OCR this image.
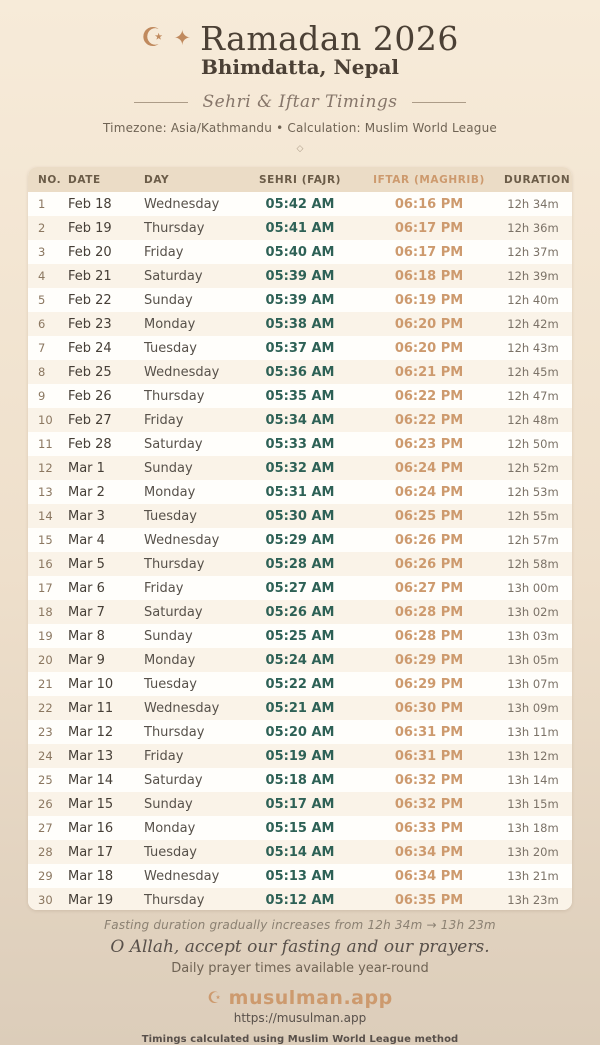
☪ ✦ Ramadan 2026
Bhimdatta, Nepal
Sehri & Iftar Timings
Timezone: Asia/Kathmandu • Calculation: Muslim World League
◇
NO. DATE	DAY	SEHRI (FAJR)	IFTAR (MAGHRIB)	DURATION
1	Feb 18	Wednesday	05:42 AM	06:16 PM	12h 34m
2	Feb 19	Thursday	05:41 AM	06:17 PM	12h 36m
3	Feb 20	Friday	05:40 AM	06:17 PM	12h 37m
4	Feb 21	Saturday	05:39 AM	06:18 PM	12h 39m
5	Feb 22	Sunday	05:39 AM	06:19 PM	12h 40m
6	Feb 23	Monday	05:38 AM	06:20 PM	12h 42m
7	Feb 24	Tuesday	05:37 AM	06:20 PM	12h 43m
8	Feb 25	Wednesday	05:36 AM	06:21 PM	12h 45m
9	Feb 26	Thursday	05:35 AM	06:22 PM	12h 47m
10	Feb 27	Friday	05:34 AM	06:22 PM	12h 48m
11	Feb 28	Saturday	05:33 AM	06:23 PM	12h 50m
12	Mar 1	Sunday	05:32 AM	06:24 PM	12h 52m
13	Mar 2	Monday	05:31 AM	06:24 PM	12h 53m
14	Mar 3	Tuesday	05:30 AM	06:25 PM	12h 55m
15	Mar 4	Wednesday	05:29 AM	06:26 PM	12h 57m
16	Mar 5	Thursday	05:28 AM	06:26 PM	12h 58m
17	Mar 6	Friday	05:27 AM	06:27 PM	13h 00m
18	Mar 7	Saturday	05:26 AM	06:28 PM	13h 02m
19	Mar 8	Sunday	05:25 AM	06:28 PM	13h 03m
20	Mar 9	Monday	05:24 AM	06:29 PM	13h 05m
21	Mar 10	Tuesday	05:22 AM	06:29 PM	13h 07m
22	Mar 11	Wednesday	05:21 AM	06:30 PM	13h 09m
23	Mar 12	Thursday	05:20 AM	06:31 PM	13h 11m
24	Mar 13	Friday	05:19 AM	06:31 PM	13h 12m
25	Mar 14	Saturday	05:18 AM	06:32 PM	13h 14m
26	Mar 15	Sunday	05:17 AM	06:32 PM	13h 15m
27	Mar 16	Monday	05:15 AM	06:33 PM	13h 18m
28	Mar 17	Tuesday	05:14 AM	06:34 PM	13h 20m
29	Mar 18	Wednesday	05:13 AM	06:34 PM	13h 21m
30	Mar 19	Thursday	05:12 AM	06:35 PM	13h 23m
Fasting duration gradually increases from 12h 34m → 13h 23m
O Allah, accept our fasting and our prayers.
Daily prayer times available year-round
☪ musulman.app
https://musulman.app
Timings calculated using Muslim World League method
